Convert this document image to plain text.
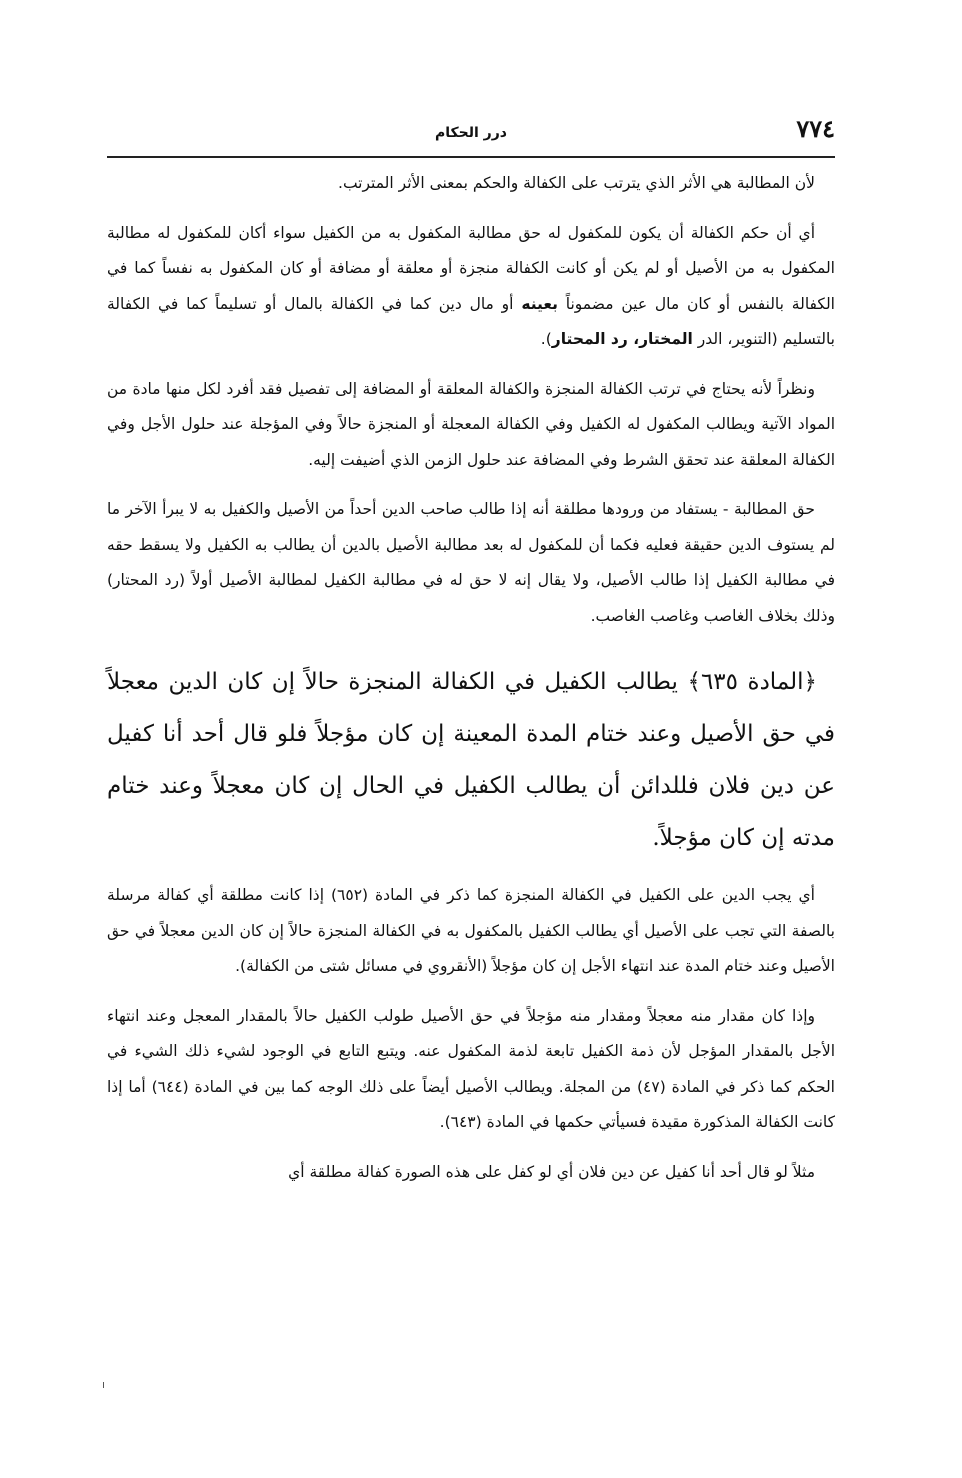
٧٧٤
درر الحكام

لأن المطالبة هي الأثر الذي يترتب على الكفالة والحكم بمعنى الأثر المترتب.

أي أن حكم الكفالة أن يكون للمكفول له حق مطالبة المكفول به من الكفيل سواء أكان للمكفول له مطالبة المكفول به من الأصيل أو لم يكن أو كانت الكفالة منجزة أو معلقة أو مضافة أو كان المكفول به نفساً كما في الكفالة بالنفس أو كان مال عين مضموناً بعينه أو مال دين كما في الكفالة بالمال أو تسليماً كما في الكفالة بالتسليم (التنوير، الدر المختار، رد المحتار).

ونظراً لأنه يحتاج في ترتب الكفالة المنجزة والكفالة المعلقة أو المضافة إلى تفصيل فقد أفرد لكل منها مادة من المواد الآتية ويطالب المكفول له الكفيل وفي الكفالة المعجلة أو المنجزة حالاً وفي المؤجلة عند حلول الأجل وفي الكفالة المعلقة عند تحقق الشرط وفي المضافة عند حلول الزمن الذي أضيفت إليه.

حق المطالبة - يستفاد من ورودها مطلقة أنه إذا طالب صاحب الدين أحداً من الأصيل والكفيل به لا يبرأ الآخر ما لم يستوف الدين حقيقة فعليه فكما أن للمكفول له بعد مطالبة الأصيل بالدين أن يطالب به الكفيل ولا يسقط حقه في مطالبة الكفيل إذا طالب الأصيل، ولا يقال إنه لا حق له في مطالبة الكفيل لمطالبة الأصيل أولاً (رد المحتار) وذلك بخلاف الغاصب وغاصب الغاصب.

﴿المادة ٦٣٥﴾ يطالب الكفيل في الكفالة المنجزة حالاً إن كان الدين معجلاً في حق الأصيل وعند ختام المدة المعينة إن كان مؤجلاً فلو قال أحد أنا كفيل عن دين فلان فللدائن أن يطالب الكفيل في الحال إن كان معجلاً وعند ختام مدته إن كان مؤجلاً.

أي يجب الدين على الكفيل في الكفالة المنجزة كما ذكر في المادة (٦٥٢) إذا كانت مطلقة أي كفالة مرسلة بالصفة التي تجب على الأصيل أي يطالب الكفيل بالمكفول به في الكفالة المنجزة حالاً إن كان الدين معجلاً في حق الأصيل وعند ختام المدة عند انتهاء الأجل إن كان مؤجلاً (الأنقروي في مسائل شتى من الكفالة).

وإذا كان مقدار منه معجلاً ومقدار منه مؤجلاً في حق الأصيل طولب الكفيل حالاً بالمقدار المعجل وعند انتهاء الأجل بالمقدار المؤجل لأن ذمة الكفيل تابعة لذمة المكفول عنه. ويتبع التابع في الوجود لشيء ذلك الشيء في الحكم كما ذكر في المادة (٤٧) من المجلة. ويطالب الأصيل أيضاً على ذلك الوجه كما بين في المادة (٦٤٤) أما إذا كانت الكفالة المذكورة مقيدة فسيأتي حكمها في المادة (٦٤٣).

مثلاً لو قال أحد أنا كفيل عن دين فلان أي لو كفل على هذه الصورة كفالة مطلقة أي
